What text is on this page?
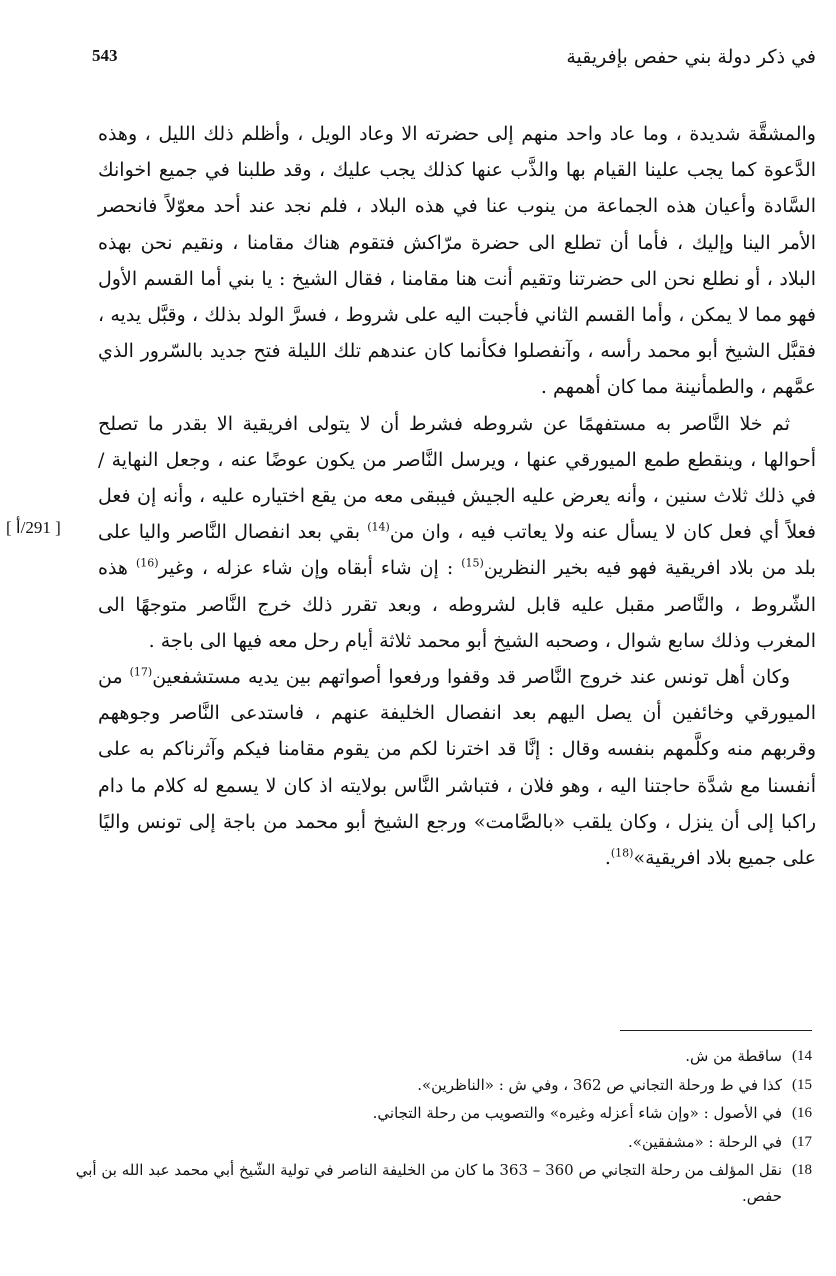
543	في ذكر دولة بني حفص بإفريقية
[ 291/أ ]

والمشقَّة شديدة ، وما عاد واحد منهم إلى حضرته الا وعاد الويل ، وأظلم ذلك الليل ، وهذه الدَّعوة كما يجب علينا القيام بها والذَّب عنها كذلك يجب عليك ، وقد طلبنا في جميع اخوانك السَّادة وأعيان هذه الجماعة من ينوب عنا في هذه البلاد ، فلم نجد عند أحد معوّلاً فانحصر الأمر الينا وإليك ، فأما أن تطلع الى حضرة مرّاكش فتقوم هناك مقامنا ، ونقيم نحن بهذه البلاد ، أو نطلع نحن الى حضرتنا وتقيم أنت هنا مقامنا ، فقال الشيخ : يا بني أما القسم الأول فهو مما لا يمكن ، وأما القسم الثاني فأجبت اليه على شروط ، فسرَّ الولد بذلك ، وقبَّل يديه ، فقبَّل الشيخ أبو محمد رأسه ، وآنفصلوا فكأنما كان عندهم تلك الليلة فتح جديد بالسّرور الذي عمَّهم ، والطمأنينة مما كان أهمهم .

ثم خلا النَّاصر به مستفهمًا عن شروطه فشرط أن لا يتولى افريقية الا بقدر ما تصلح أحوالها ، وينقطع طمع الميورقي عنها ، ويرسل النَّاصر من يكون عوضًا عنه ، وجعل النهاية / في ذلك ثلاث سنين ، وأنه يعرض عليه الجيش فيبقى معه من يقع اختياره عليه ، وأنه إن فعل فعلاً أي فعل كان لا يسأل عنه ولا يعاتب فيه ، وان من$^{(14)}$ بقي بعد انفصال النَّاصر واليا على بلد من بلاد افريقية فهو فيه بخير النظرين$^{(15)}$ : إن شاء أبقاه وإن شاء عزله ، وغير$^{(16)}$ هذه الشّروط ، والنَّاصر مقبل عليه قابل لشروطه ، وبعد تقرر ذلك خرج النَّاصر متوجهًا الى المغرب وذلك سابع شوال ، وصحبه الشيخ أبو محمد ثلاثة أيام رحل معه فيها الى باجة .

وكان أهل تونس عند خروج النَّاصر قد وقفوا ورفعوا أصواتهم بين يديه مستشفعين$^{(17)}$ من الميورقي وخائفين أن يصل اليهم بعد انفصال الخليفة عنهم ، فاستدعى النَّاصر وجوههم وقربهم منه وكلَّمهم بنفسه وقال : إنَّا قد اخترنا لكم من يقوم مقامنا فيكم وآثرناكم به على أنفسنا مع شدَّة حاجتنا اليه ، وهو فلان ، فتباشر النَّاس بولايته اذ كان لا يسمع له كلام ما دام راكبا إلى أن ينزل ، وكان يلقب «بالصَّامت» ورجع الشيخ أبو محمد من باجة إلى تونس واليًا على جميع بلاد افريقية»$^{(18)}$.

14)
ساقطة من ش.
15)
كذا في ط ورحلة التجاني ص 362 ، وفي ش : «الناظرين».
16)
في الأصول : «وإن شاء أعزله وغيره» والتصويب من رحلة التجاني.
17)
في الرحلة : «مشفقين».
18)
نقل المؤلف من رحلة التجاني ص 360 – 363 ما كان من الخليفة الناصر في تولية الشّيخ أبي محمد عبد الله بن أبي حفص.
